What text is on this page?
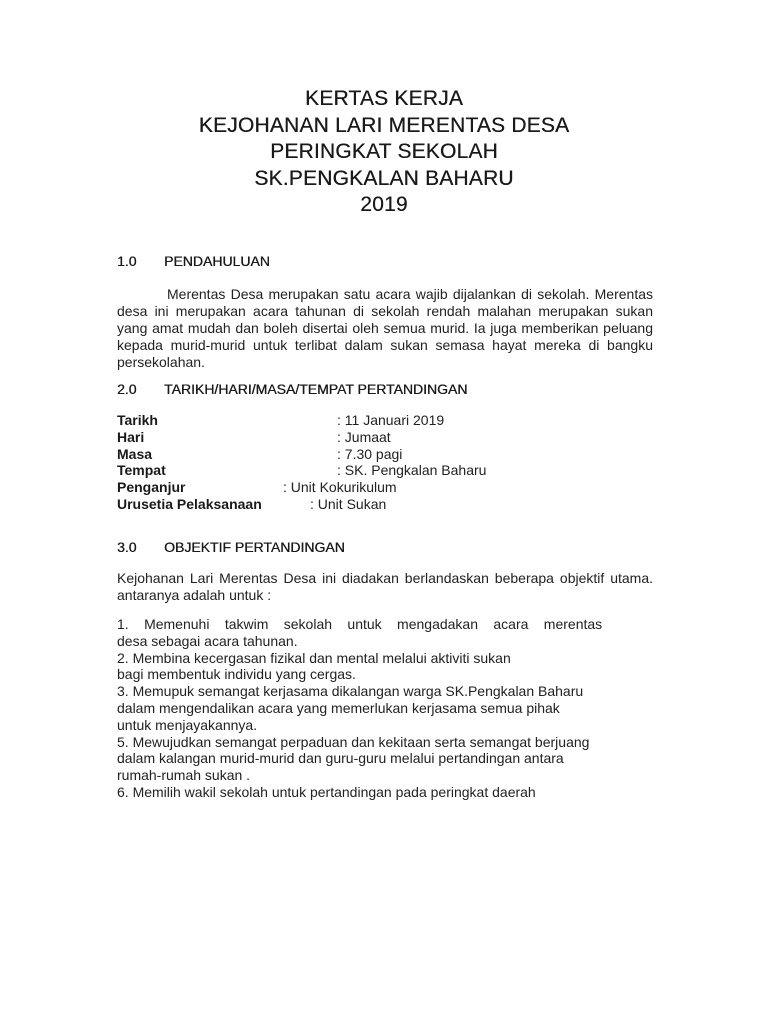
KERTAS KERJA
KEJOHANAN LARI MERENTAS DESA
PERINGKAT SEKOLAH
SK.PENGKALAN BAHARU
2019
1.0 PENDAHULUAN
Merentas Desa merupakan satu acara wajib dijalankan di sekolah. Merentas desa ini merupakan acara tahunan di sekolah rendah malahan merupakan sukan yang amat mudah dan boleh disertai oleh semua murid. Ia juga memberikan peluang kepada murid-murid untuk terlibat dalam sukan semasa hayat mereka di bangku persekolahan.
2.0 TARIKH/HARI/MASA/TEMPAT PERTANDINGAN
Tarikh	: 11 Januari 2019
Hari	: Jumaat
Masa	: 7.30 pagi
Tempat	: SK. Pengkalan Baharu
Penganjur	: Unit Kokurikulum
Urusetia Pelaksanaan	: Unit Sukan
3.0 OBJEKTIF PERTANDINGAN
Kejohanan Lari Merentas Desa ini diadakan berlandaskan beberapa objektif utama. antaranya adalah untuk :
1. Memenuhi takwim sekolah untuk mengadakan acara merentas
desa sebagai acara tahunan.
2. Membina kecergasan fizikal dan mental melalui aktiviti sukan
bagi membentuk individu yang cergas.
3. Memupuk semangat kerjasama dikalangan warga SK.Pengkalan Baharu
dalam mengendalikan acara yang memerlukan kerjasama semua pihak
untuk menjayakannya.
5. Mewujudkan semangat perpaduan dan kekitaan serta semangat berjuang
dalam kalangan murid-murid dan guru-guru melalui pertandingan antara
rumah-rumah sukan .
6. Memilih wakil sekolah untuk pertandingan pada peringkat daerah
